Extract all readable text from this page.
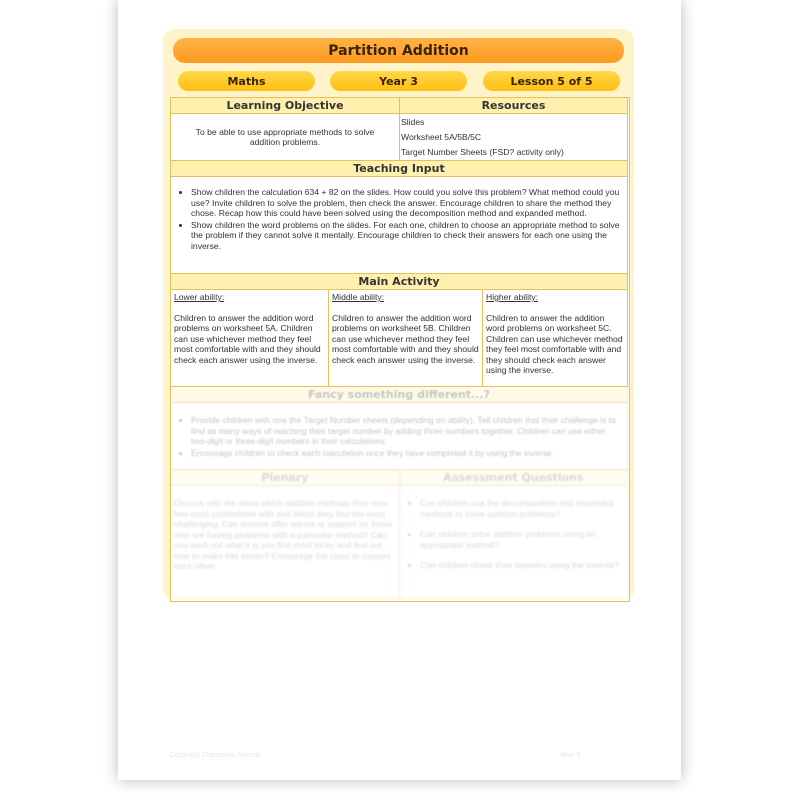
Partition Addition
Maths	Year 3	Lesson 5 of 5
Learning Objective	Resources
To be able to use appropriate methods to solve addition problems.
Slides
Worksheet 5A/5B/5C
Target Number Sheets (FSD? activity only)
Teaching Input
• Show children the calculation 634 + 82 on the slides. How could you solve this problem? What method could you use? Invite children to solve the problem, then check the answer. Encourage children to share the method they chose. Recap how this could have been solved using the decomposition method and expanded method.
• Show children the word problems on the slides. For each one, children to choose an appropriate method to solve the problem if they cannot solve it mentally. Encourage children to check their answers for each one using the inverse.
Main Activity
Lower ability:
Children to answer the addition word problems on worksheet 5A. Children can use whichever method they feel most comfortable with and they should check each answer using the inverse.
Middle ability:
Children to answer the addition word problems on worksheet 5B. Children can use whichever method they feel most comfortable with and they should check each answer using the inverse.
Higher ability:
Children to answer the addition word problems on worksheet 5C. Children can use whichever method they feel most comfortable with and they should check each answer using the inverse.
Fancy something different...?
• Provide children with one the Target Number sheets (depending on ability). Tell children that their challenge is to find as many ways of reaching their target number by adding three numbers together. Children can use either two-digit or three-digit numbers in their calculations.
• Encourage children to check each calculation once they have completed it by using the inverse.
Plenary	Assessment Questions
Discuss with the class which addition methods they now feel most comfortable with and which they find the most challenging. Can anyone offer advice or support for those who are having problems with a particular method? Can you work out what it is you find most tricky and find out how to make this easier? Encourage the class to support each other.
• Can children use the decomposition and expanded methods to solve addition problems?
• Can children solve addition problems using an appropriate method?
• Can children check their answers using the inverse?
Copyright Classroom Secrets	Year 3
